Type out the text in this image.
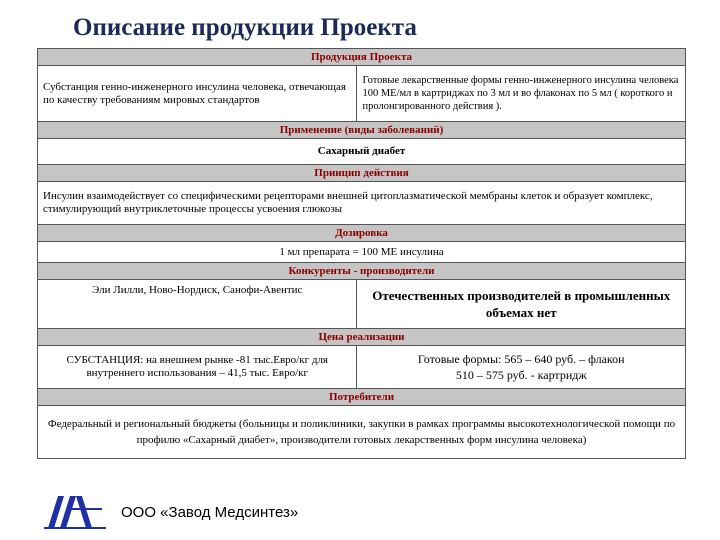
Описание продукции Проекта
Продукция Проекта	
Субстанция генно-инженерного инсулина человека, отвечающая по качеству требованиям мировых стандартов	Готовые лекарственные формы генно-инженерного инсулина человека 100 МЕ/мл в картриджах по 3 мл и во флаконах по 5 мл ( короткого и пролонгированного действия ).
Применение (виды заболеваний)	
Сахарный диабет	
Принцип действия	
Инсулин взаимодействует со специфическими рецепторами внешней цитоплазматической мембраны клеток и образует комплекс, стимулирующий внутриклеточные процессы усвоения глюкозы	
Дозировка	
1 мл препарата = 100 МЕ инсулина	
Конкуренты - производители	
Эли Лилли, Ново-Нордиск, Санофи-Авентис	Отечественных производителей в промышленных объемах нет
Цена реализации	
СУБСТАНЦИЯ: на внешнем рынке -81 тыс.Евро/кг для внутреннего использования – 41,5 тыс. Евро/кг	Готовые формы: 565 – 640 руб. – флакон
510 – 575 руб. - картридж

Потребители	
Федеральный и региональный бюджеты (больницы и поликлиники, закупки в рамках программы высокотехнологической помощи по профилю «Сахарный диабет», производители готовых лекарственных форм инсулина человека)	
ООО «Завод Медсинтез»
